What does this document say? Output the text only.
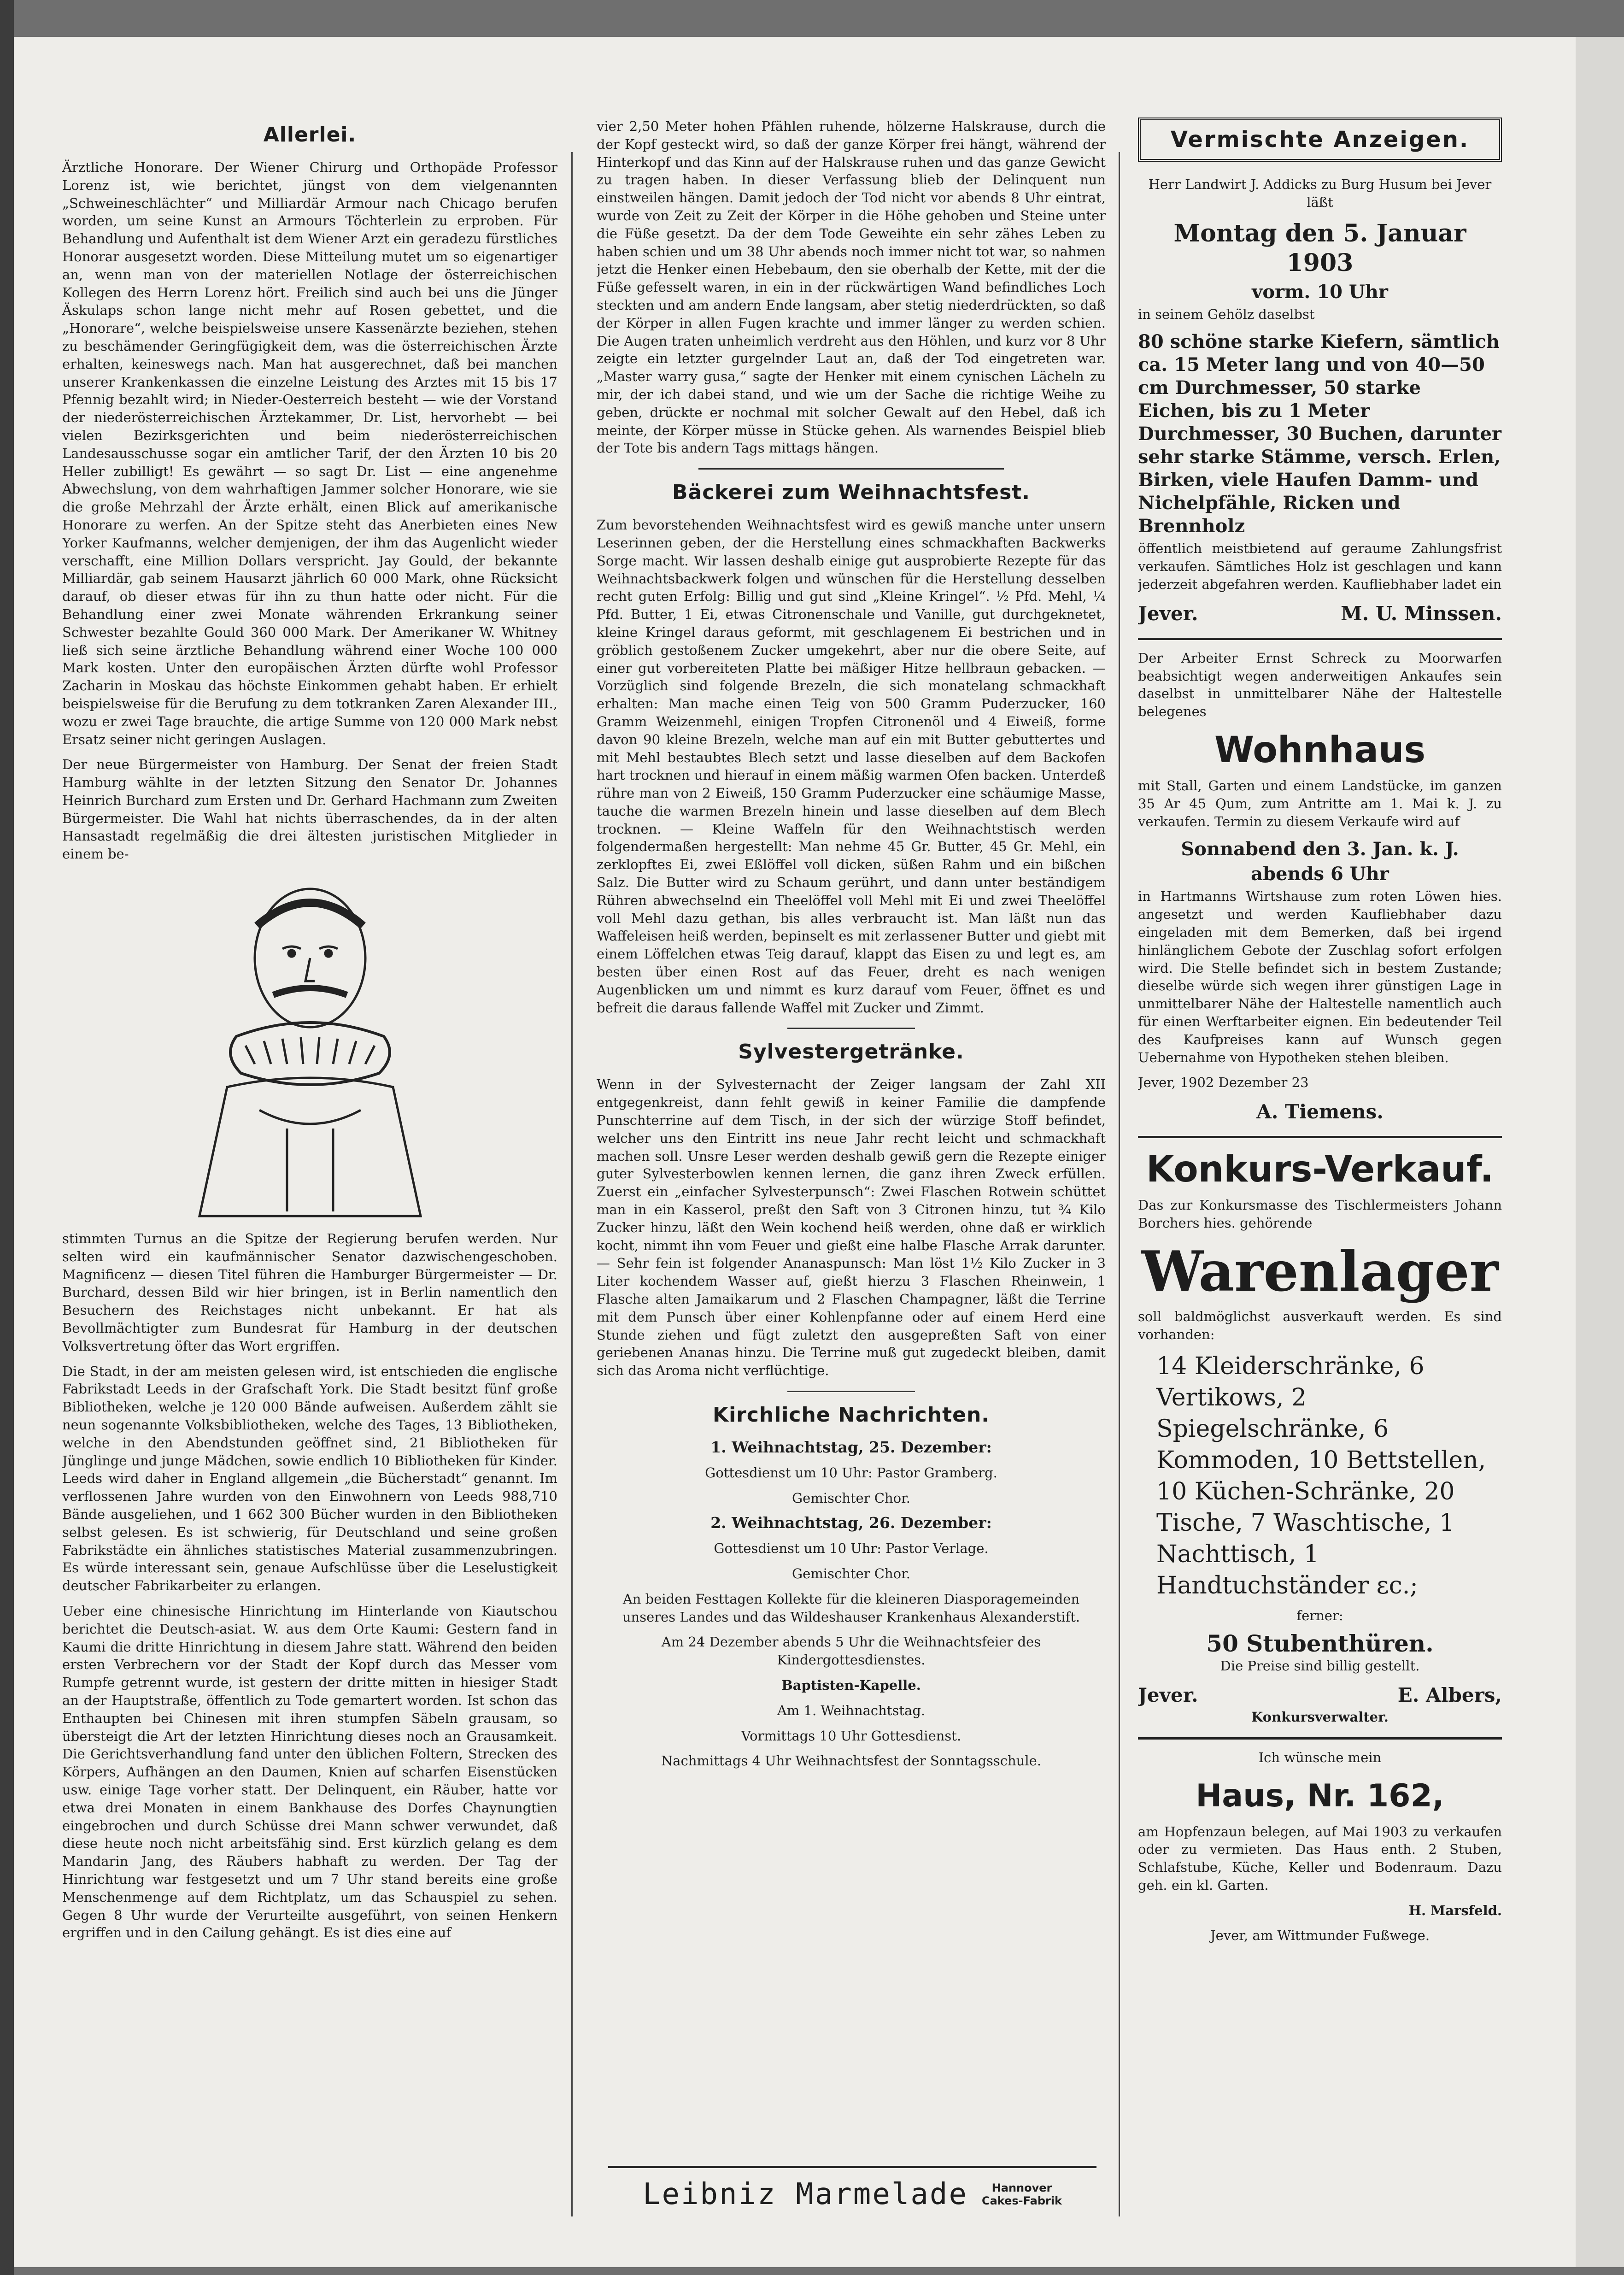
Allerlei.

Ärztliche Honorare. Der Wiener Chirurg und Orthopäde Professor Lorenz ist, wie berichtet, jüngst von dem vielgenannten „Schweineschlächter“ und Milliardär Armour nach Chicago berufen worden, um seine Kunst an Armours Töchterlein zu erproben. Für Behandlung und Aufenthalt ist dem Wiener Arzt ein geradezu fürstliches Honorar ausgesetzt worden. Diese Mitteilung mutet um so eigenartiger an, wenn man von der materiellen Notlage der österreichischen Kollegen des Herrn Lorenz hört. Freilich sind auch bei uns die Jünger Äskulaps schon lange nicht mehr auf Rosen gebettet, und die „Honorare“, welche beispielsweise unsere Kassenärzte beziehen, stehen zu beschämender Geringfügigkeit dem, was die österreichischen Ärzte erhalten, keineswegs nach. Man hat ausgerechnet, daß bei manchen unserer Krankenkassen die einzelne Leistung des Arztes mit 15 bis 17 Pfennig bezahlt wird; in Nieder-Oesterreich besteht — wie der Vorstand der niederösterreichischen Ärztekammer, Dr. List, hervorhebt — bei vielen Bezirksgerichten und beim niederösterreichischen Landesausschusse sogar ein amtlicher Tarif, der den Ärzten 10 bis 20 Heller zubilligt! Es gewährt — so sagt Dr. List — eine angenehme Abwechslung, von dem wahrhaftigen Jammer solcher Honorare, wie sie die große Mehrzahl der Ärzte erhält, einen Blick auf amerikanische Honorare zu werfen. An der Spitze steht das Anerbieten eines New Yorker Kaufmanns, welcher demjenigen, der ihm das Augenlicht wieder verschafft, eine Million Dollars verspricht. Jay Gould, der bekannte Milliardär, gab seinem Hausarzt jährlich 60 000 Mark, ohne Rücksicht darauf, ob dieser etwas für ihn zu thun hatte oder nicht. Für die Behandlung einer zwei Monate währenden Erkrankung seiner Schwester bezahlte Gould 360 000 Mark. Der Amerikaner W. Whitney ließ sich seine ärztliche Behandlung während einer Woche 100 000 Mark kosten. Unter den europäischen Ärzten dürfte wohl Professor Zacharin in Moskau das höchste Einkommen gehabt haben. Er erhielt beispielsweise für die Berufung zu dem totkranken Zaren Alexander III., wozu er zwei Tage brauchte, die artige Summe von 120 000 Mark nebst Ersatz seiner nicht geringen Auslagen.

Der neue Bürgermeister von Hamburg. Der Senat der freien Stadt Hamburg wählte in der letzten Sitzung den Senator Dr. Johannes Heinrich Burchard zum Ersten und Dr. Gerhard Hachmann zum Zweiten Bürgermeister. Die Wahl hat nichts überraschendes, da in der alten Hansastadt regelmäßig die drei ältesten juristischen Mitglieder in einem be-

stimmten Turnus an die Spitze der Regierung berufen werden. Nur selten wird ein kaufmännischer Senator dazwischengeschoben. Magnificenz — diesen Titel führen die Hamburger Bürgermeister — Dr. Burchard, dessen Bild wir hier bringen, ist in Berlin namentlich den Besuchern des Reichstages nicht unbekannt. Er hat als Bevollmächtigter zum Bundesrat für Hamburg in der deutschen Volksvertretung öfter das Wort ergriffen.

Die Stadt, in der am meisten gelesen wird, ist entschieden die englische Fabrikstadt Leeds in der Grafschaft York. Die Stadt besitzt fünf große Bibliotheken, welche je 120 000 Bände aufweisen. Außerdem zählt sie neun sogenannte Volksbibliotheken, welche des Tages, 13 Bibliotheken, welche in den Abendstunden geöffnet sind, 21 Bibliotheken für Jünglinge und junge Mädchen, sowie endlich 10 Bibliotheken für Kinder. Leeds wird daher in England allgemein „die Bücherstadt“ genannt. Im verflossenen Jahre wurden von den Einwohnern von Leeds 988,710 Bände ausgeliehen, und 1 662 300 Bücher wurden in den Bibliotheken selbst gelesen. Es ist schwierig, für Deutschland und seine großen Fabrikstädte ein ähnliches statistisches Material zusammenzubringen. Es würde interessant sein, genaue Aufschlüsse über die Leselustigkeit deutscher Fabrikarbeiter zu erlangen.

Ueber eine chinesische Hinrichtung im Hinterlande von Kiautschou berichtet die Deutsch-asiat. W. aus dem Orte Kaumi: Gestern fand in Kaumi die dritte Hinrichtung in diesem Jahre statt. Während den beiden ersten Verbrechern vor der Stadt der Kopf durch das Messer vom Rumpfe getrennt wurde, ist gestern der dritte mitten in hiesiger Stadt an der Hauptstraße, öffentlich zu Tode gemartert worden. Ist schon das Enthaupten bei Chinesen mit ihren stumpfen Säbeln grausam, so übersteigt die Art der letzten Hinrichtung dieses noch an Grausamkeit. Die Gerichtsverhandlung fand unter den üblichen Foltern, Strecken des Körpers, Aufhängen an den Daumen, Knien auf scharfen Eisenstücken usw. einige Tage vorher statt. Der Delinquent, ein Räuber, hatte vor etwa drei Monaten in einem Bankhause des Dorfes Chaynungtien eingebrochen und durch Schüsse drei Mann schwer verwundet, daß diese heute noch nicht arbeitsfähig sind. Erst kürzlich gelang es dem Mandarin Jang, des Räubers habhaft zu werden. Der Tag der Hinrichtung war festgesetzt und um 7 Uhr stand bereits eine große Menschenmenge auf dem Richtplatz, um das Schauspiel zu sehen. Gegen 8 Uhr wurde der Verurteilte ausgeführt, von seinen Henkern ergriffen und in den Cailung gehängt. Es ist dies eine auf

vier 2,50 Meter hohen Pfählen ruhende, hölzerne Halskrause, durch die der Kopf gesteckt wird, so daß der ganze Körper frei hängt, während der Hinterkopf und das Kinn auf der Halskrause ruhen und das ganze Gewicht zu tragen haben. In dieser Verfassung blieb der Delinquent nun einstweilen hängen. Damit jedoch der Tod nicht vor abends 8 Uhr eintrat, wurde von Zeit zu Zeit der Körper in die Höhe gehoben und Steine unter die Füße gesetzt. Da der dem Tode Geweihte ein sehr zähes Leben zu haben schien und um 38 Uhr abends noch immer nicht tot war, so nahmen jetzt die Henker einen Hebebaum, den sie oberhalb der Kette, mit der die Füße gefesselt waren, in ein in der rückwärtigen Wand befindliches Loch steckten und am andern Ende langsam, aber stetig niederdrückten, so daß der Körper in allen Fugen krachte und immer länger zu werden schien. Die Augen traten unheimlich verdreht aus den Höhlen, und kurz vor 8 Uhr zeigte ein letzter gurgelnder Laut an, daß der Tod eingetreten war. „Master warry gusa,“ sagte der Henker mit einem cynischen Lächeln zu mir, der ich dabei stand, und wie um der Sache die richtige Weihe zu geben, drückte er nochmal mit solcher Gewalt auf den Hebel, daß ich meinte, der Körper müsse in Stücke gehen. Als warnendes Beispiel blieb der Tote bis andern Tags mittags hängen.

Bäckerei zum Weihnachtsfest.

Zum bevorstehenden Weihnachtsfest wird es gewiß manche unter unsern Leserinnen geben, der die Herstellung eines schmackhaften Backwerks Sorge macht. Wir lassen deshalb einige gut ausprobierte Rezepte für das Weihnachtsbackwerk folgen und wünschen für die Herstellung desselben recht guten Erfolg: Billig und gut sind „Kleine Kringel“. ½ Pfd. Mehl, ¼ Pfd. Butter, 1 Ei, etwas Citronenschale und Vanille, gut durchgeknetet, kleine Kringel daraus geformt, mit geschlagenem Ei bestrichen und in gröblich gestoßenem Zucker umgekehrt, aber nur die obere Seite, auf einer gut vorbereiteten Platte bei mäßiger Hitze hellbraun gebacken. — Vorzüglich sind folgende Brezeln, die sich monatelang schmackhaft erhalten: Man mache einen Teig von 500 Gramm Puderzucker, 160 Gramm Weizenmehl, einigen Tropfen Citronenöl und 4 Eiweiß, forme davon 90 kleine Brezeln, welche man auf ein mit Butter gebuttertes und mit Mehl bestaubtes Blech setzt und lasse dieselben auf dem Backofen hart trocknen und hierauf in einem mäßig warmen Ofen backen. Unterdeß rühre man von 2 Eiweiß, 150 Gramm Puderzucker eine schäumige Masse, tauche die warmen Brezeln hinein und lasse dieselben auf dem Blech trocknen. — Kleine Waffeln für den Weihnachtstisch werden folgendermaßen hergestellt: Man nehme 45 Gr. Butter, 45 Gr. Mehl, ein zerklopftes Ei, zwei Eßlöffel voll dicken, süßen Rahm und ein bißchen Salz. Die Butter wird zu Schaum gerührt, und dann unter beständigem Rühren abwechselnd ein Theelöffel voll Mehl mit Ei und zwei Theelöffel voll Mehl dazu gethan, bis alles verbraucht ist. Man läßt nun das Waffeleisen heiß werden, bepinselt es mit zerlassener Butter und giebt mit einem Löffelchen etwas Teig darauf, klappt das Eisen zu und legt es, am besten über einen Rost auf das Feuer, dreht es nach wenigen Augenblicken um und nimmt es kurz darauf vom Feuer, öffnet es und befreit die daraus fallende Waffel mit Zucker und Zimmt.

Sylvestergetränke.

Wenn in der Sylvesternacht der Zeiger langsam der Zahl XII entgegenkreist, dann fehlt gewiß in keiner Familie die dampfende Punschterrine auf dem Tisch, in der sich der würzige Stoff befindet, welcher uns den Eintritt ins neue Jahr recht leicht und schmackhaft machen soll. Unsre Leser werden deshalb gewiß gern die Rezepte einiger guter Sylvesterbowlen kennen lernen, die ganz ihren Zweck erfüllen. Zuerst ein „einfacher Sylvesterpunsch“: Zwei Flaschen Rotwein schüttet man in ein Kasserol, preßt den Saft von 3 Citronen hinzu, tut ¾ Kilo Zucker hinzu, läßt den Wein kochend heiß werden, ohne daß er wirklich kocht, nimmt ihn vom Feuer und gießt eine halbe Flasche Arrak darunter. — Sehr fein ist folgender Ananaspunsch: Man löst 1½ Kilo Zucker in 3 Liter kochendem Wasser auf, gießt hierzu 3 Flaschen Rheinwein, 1 Flasche alten Jamaikarum und 2 Flaschen Champagner, läßt die Terrine mit dem Punsch über einer Kohlenpfanne oder auf einem Herd eine Stunde ziehen und fügt zuletzt den ausgepreßten Saft von einer geriebenen Ananas hinzu. Die Terrine muß gut zugedeckt bleiben, damit sich das Aroma nicht verflüchtige.

Kirchliche Nachrichten.

1. Weihnachtstag, 25. Dezember:

Gottesdienst um 10 Uhr: Pastor Gramberg.

Gemischter Chor.

2. Weihnachtstag, 26. Dezember:

Gottesdienst um 10 Uhr: Pastor Verlage.

Gemischter Chor.

An beiden Festtagen Kollekte für die kleineren Diasporagemeinden unseres Landes und das Wildeshauser Krankenhaus Alexanderstift.

Am 24 Dezember abends 5 Uhr die Weihnachtsfeier des Kindergottesdienstes.

Baptisten-Kapelle.

Am 1. Weihnachtstag.

Vormittags 10 Uhr Gottesdienst.

Nachmittags 4 Uhr Weihnachtsfest der Sonntagsschule.

Vermischte Anzeigen.

Herr Landwirt J. Addicks zu Burg Husum bei Jever läßt

Montag den 5. Januar 1903
vorm. 10 Uhr

in seinem Gehölz daselbst

80 schöne starke Kiefern, sämtlich ca. 15 Meter lang und von 40—50 cm Durchmesser, 50 starke Eichen, bis zu 1 Meter Durchmesser, 30 Buchen, darunter sehr starke Stämme, versch. Erlen, Birken, viele Haufen Damm- und Nichelpfähle, Ricken und Brennholz

öffentlich meistbietend auf geraume Zahlungsfrist verkaufen. Sämtliches Holz ist geschlagen und kann jederzeit abgefahren werden. Kaufliebhaber ladet ein

Jever.	M. U. Minssen.

Der Arbeiter Ernst Schreck zu Moorwarfen beabsichtigt wegen anderweitigen Ankaufes sein daselbst in unmittelbarer Nähe der Haltestelle belegenes

Wohnhaus

mit Stall, Garten und einem Landstücke, im ganzen 35 Ar 45 Qum, zum Antritte am 1. Mai k. J. zu verkaufen. Termin zu diesem Verkaufe wird auf

Sonnabend den 3. Jan. k. J.
abends 6 Uhr

in Hartmanns Wirtshause zum roten Löwen hies. angesetzt und werden Kaufliebhaber dazu eingeladen mit dem Bemerken, daß bei irgend hinlänglichem Gebote der Zuschlag sofort erfolgen wird. Die Stelle befindet sich in bestem Zustande; dieselbe würde sich wegen ihrer günstigen Lage in unmittelbarer Nähe der Haltestelle namentlich auch für einen Werftarbeiter eignen. Ein bedeutender Teil des Kaufpreises kann auf Wunsch gegen Uebernahme von Hypotheken stehen bleiben.

Jever, 1902 Dezember 23

A. Tiemens.
Konkurs-Verkauf.

Das zur Konkursmasse des Tischlermeisters Johann Borchers hies. gehörende

Warenlager

soll baldmöglichst ausverkauft werden. Es sind vorhanden:

14 Kleiderschränke, 6 Vertikows, 2 Spiegelschränke, 6 Kommoden, 10 Bettstellen, 10 Küchen-Schränke, 20 Tische, 7 Waschtische, 1 Nachttisch, 1 Handtuchständer ɛc.;

ferner:

50 Stubenthüren.

Die Preise sind billig gestellt.

Jever.	E. Albers,

Konkursverwalter.

Ich wünsche mein

Haus, Nr. 162,

am Hopfenzaun belegen, auf Mai 1903 zu verkaufen oder zu vermieten. Das Haus enth. 2 Stuben, Schlafstube, Küche, Keller und Bodenraum. Dazu geh. ein kl. Garten.

H. Marsfeld.

Jever, am Wittmunder Fußwege.

Leibniz Marmelade	Hannover
Cakes-Fabrik
